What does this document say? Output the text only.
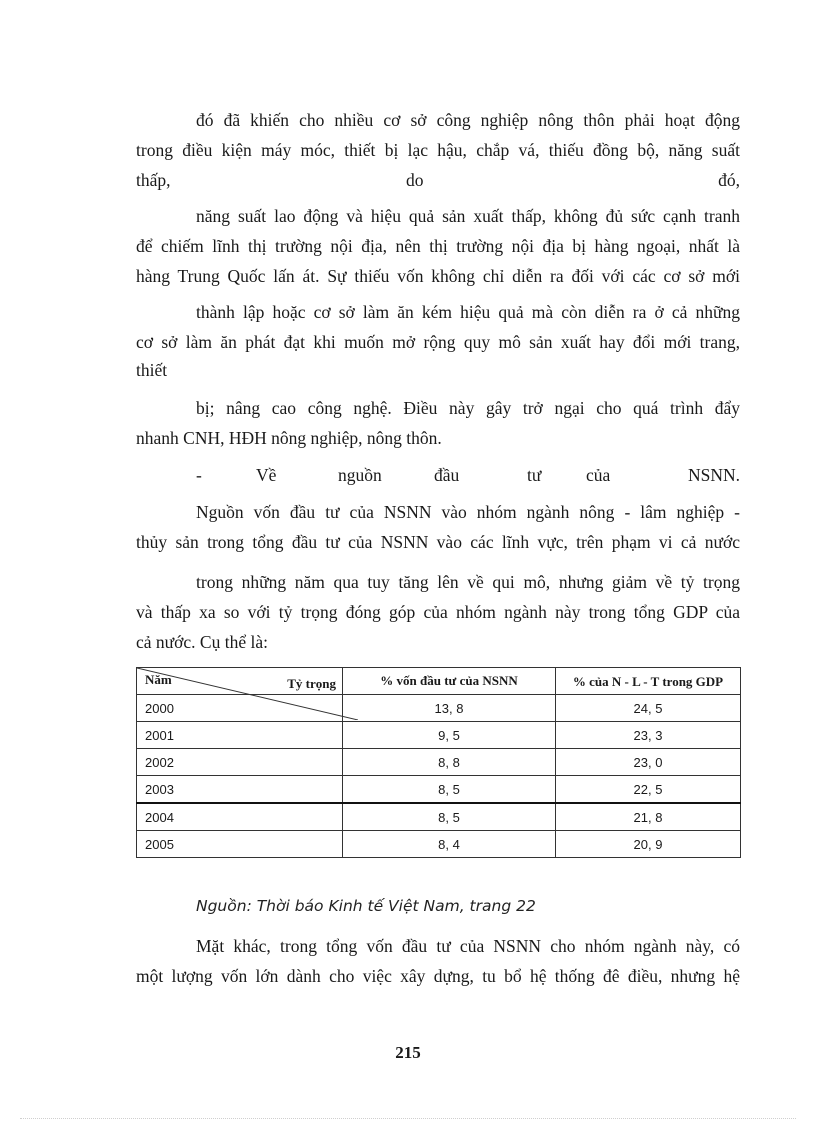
đó đã khiến cho nhiều cơ sở công nghiệp nông thôn phải hoạt động
trong điều kiện máy móc, thiết bị lạc hậu, chắp vá, thiếu đồng bộ, năng suất
thấp,	do	đó,
năng suất lao động và hiệu quả sản xuất thấp, không đủ sức cạnh tranh
để chiếm lĩnh thị trường nội địa, nên thị trường nội địa bị hàng ngoại, nhất là
hàng Trung Quốc lấn át. Sự thiếu vốn không chỉ diễn ra đối với các cơ sở mới
thành lập hoặc cơ sở làm ăn kém hiệu quả mà còn diễn ra ở cả những
cơ sở làm ăn phát đạt khi muốn mở rộng quy mô sản xuất hay đổi mới trang,
thiết
bị; nâng cao công nghệ. Điều này gây trở ngại cho quá trình đẩy
nhanh CNH, HĐH nông nghiệp, nông thôn.
-	Về	nguồn	đầu	tư	của	NSNN.
Nguồn vốn đầu tư của NSNN vào nhóm ngành nông - lâm nghiệp -
thủy sản trong tổng đầu tư của NSNN vào các lĩnh vực, trên phạm vi cả nước
trong những năm qua tuy tăng lên về qui mô, nhưng giảm về tỷ trọng
và thấp xa so với tỷ trọng đóng góp của nhóm ngành này trong tổng GDP của
cả nước. Cụ thể là:
Tỷ trọng
Năm	% vốn đầu tư của NSNN	% của N - L - T trong GDP
2000	13, 8	24, 5
2001	9, 5	23, 3
2002	8, 8	23, 0
2003	8, 5	22, 5
2004	8, 5	21, 8
2005	8, 4	20, 9
Nguồn: Thời báo Kinh tế Việt Nam, trang 22
Mặt khác, trong tổng vốn đầu tư của NSNN cho nhóm ngành này, có
một lượng vốn lớn dành cho việc xây dựng, tu bổ hệ thống đê điều, nhưng hệ
215
